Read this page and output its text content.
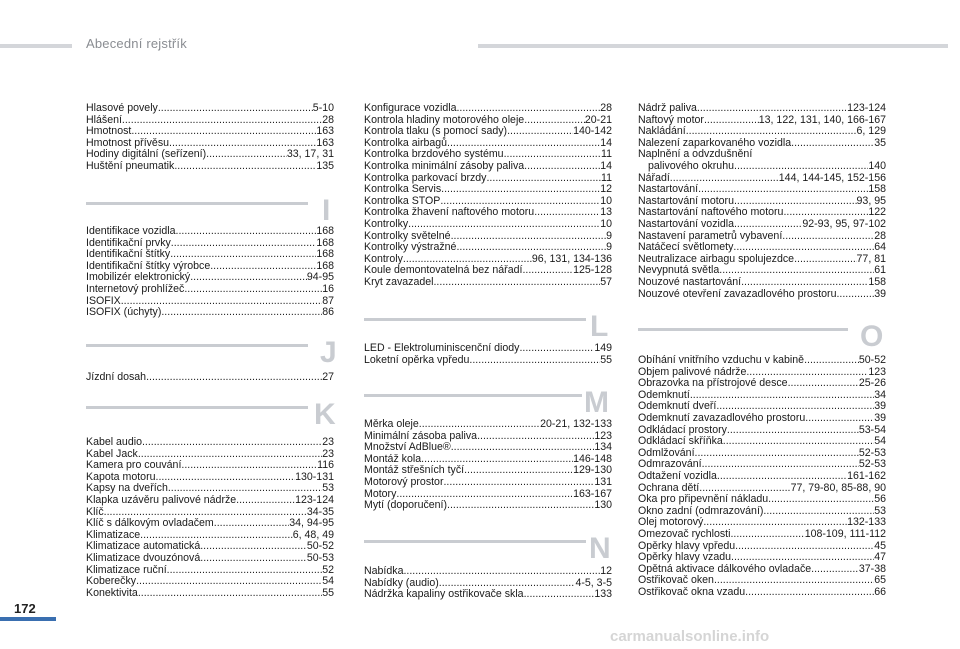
Abecední rejstřík
Hlasové povely .....	5-10
Hlášení .....	28
Hmotnost .....	163
Hmotnost přívěsu .....	163
Hodiny digitální (seřízení) .....	33, 17, 31
Huštění pneumatik .....	135
I
Identifikace vozidla .....	168
Identifikační prvky .....	168
Identifikační štítky .....	168
Identifikační štítky výrobce .....	168
Imobilizér elektronický .....	94-95
Internetový prohlížeč .....	16
ISOFIX .....	87
ISOFIX (úchyty) .....	86
J
Jízdní dosah .....	27
K
Kabel audio .....	23
Kabel Jack .....	23
Kamera pro couvání .....	116
Kapota motoru .....	130-131
Kapsy na dveřích .....	53
Klapka uzávěru palivové nádrže .....	123-124
Klíč .....	34-35
Klíč s dálkovým ovladačem .....	34, 94-95
Klimatizace .....	6, 48, 49
Klimatizace automatická .....	50-52
Klimatizace dvouzónová .....	50-53
Klimatizace ruční .....	52
Koberečky .....	54
Konektivita .....	55
Konfigurace vozidla .....	28
Kontrola hladiny motorového oleje .....	20-21
Kontrola tlaku (s pomocí sady) .....	140-142
Kontrolka airbagů .....	14
Kontrolka brzdového systému .....	11
Kontrolka minimální zásoby paliva .....	14
Kontrolka parkovací brzdy .....	11
Kontrolka Servis .....	12
Kontrolka STOP .....	10
Kontrolka žhavení naftového motoru .....	13
Kontrolky .....	10
Kontrolky světelné .....	9
Kontrolky výstražné .....	9
Kontroly .....	96, 131, 134-136
Koule demontovatelná bez nářadí .....	125-128
Kryt zavazadel .....	57
L
LED - Elektroluminiscenční diody .....	149
Loketní opěrka vpředu .....	55
M
Měrka oleje .....	20-21, 132-133
Minimální zásoba paliva .....	123
Množství AdBlue® .....	134
Montáž kola .....	146-148
Montáž střešních tyčí .....	129-130
Motorový prostor .....	131
Motory .....	163-167
Mytí (doporučení) .....	130
N
Nabídka .....	12
Nabídky (audio) .....	4-5, 3-5
Nádržka kapaliny ostřikovače skla .....	133
Nádrž paliva .....	123-124
Naftový motor .....	13, 122, 131, 140, 166-167
Nakládání .....	6, 129
Nalezení zaparkovaného vozidla .....	35
Naplnění a odvzdušnění
palivového okruhu .....	140
Nářadí .....	144, 144-145, 152-156
Nastartování .....	158
Nastartování motoru .....	93, 95
Nastartování naftového motoru .....	122
Nastartování vozidla .....	92-93, 95, 97-102
Nastavení parametrů vybavení .....	28
Natáčecí světlomety .....	64
Neutralizace airbagu spolujezdce .....	77, 81
Nevypnutá světla .....	61
Nouzové nastartování .....	158
Nouzové otevření zavazadlového prostoru .....	39
O
Obíhání vnitřního vzduchu v kabině .....	50-52
Objem palivové nádrže .....	123
Obrazovka na přístrojové desce .....	25-26
Odemknutí .....	34
Odemknutí dveří .....	39
Odemknutí zavazadlového prostoru .....	39
Odkládací prostory .....	53-54
Odkládací skříňka .....	54
Odmlžování .....	52-53
Odmrazování .....	52-53
Odtažení vozidla .....	161-162
Ochrana dětí .....	77, 79-80, 85-88, 90
Oka pro připevnění nákladu .....	56
Okno zadní (odmrazování) .....	53
Olej motorový .....	132-133
Omezovač rychlosti .....	108-109, 111-112
Opěrky hlavy vpředu .....	45
Opěrky hlavy vzadu .....	47
Opětná aktivace dálkového ovladače .....	37-38
Ostřikovač oken .....	65
Ostřikovač okna vzadu .....	66
172
carmanualsonline.info
